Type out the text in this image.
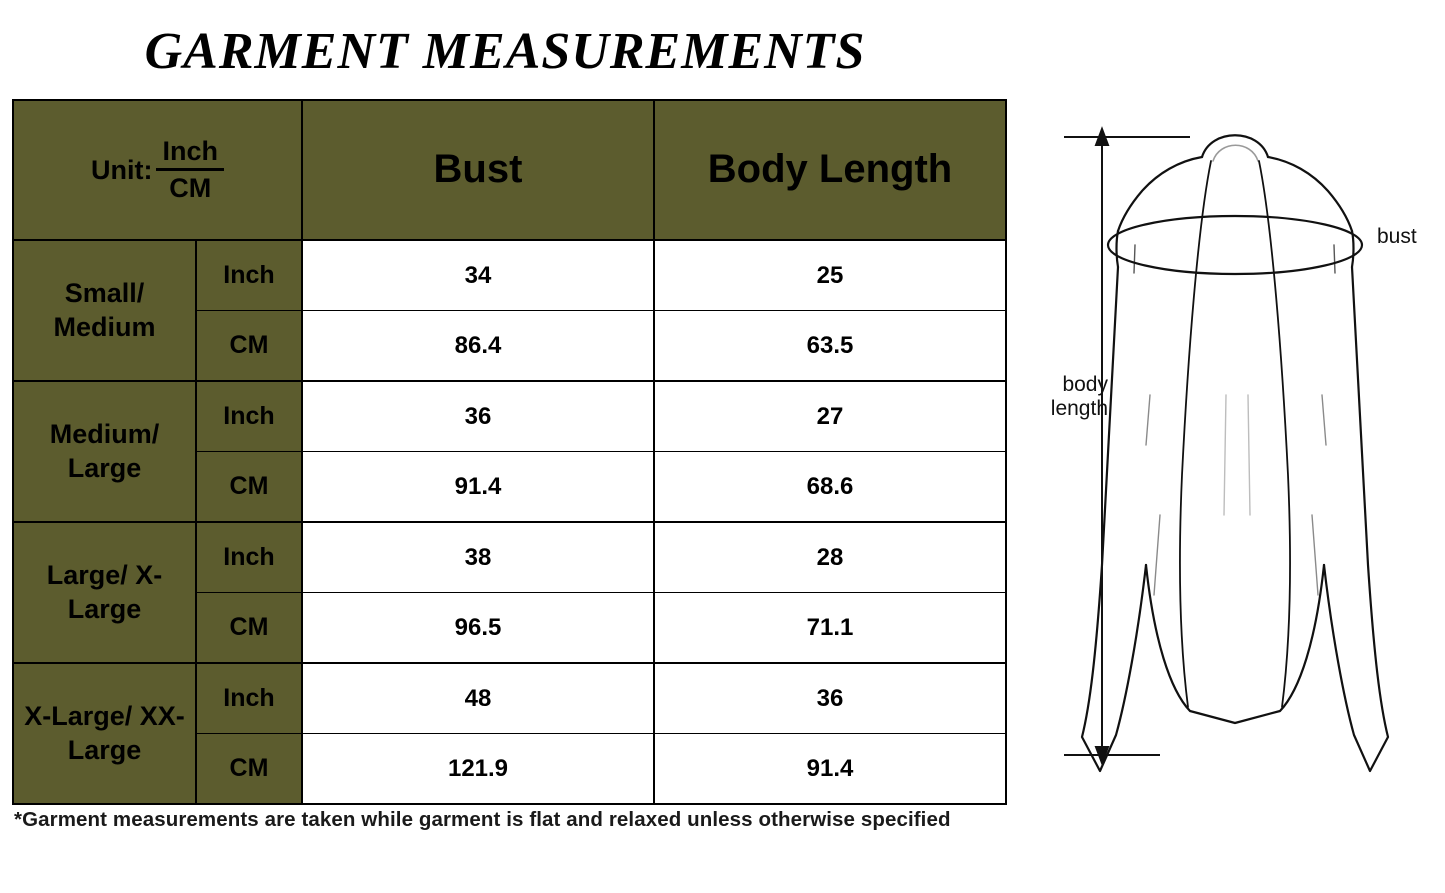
GARMENT MEASUREMENTS
Unit: $\frac{\text{Inch}}{CM}$		Bust	Body Length
Small/ Medium	Inch	34	25
	CM	86.4	63.5
Medium/ Large	Inch	36	27
	CM	91.4	68.6
Large/ X-Large	Inch	38	28
	CM	96.5	71.1
X-Large/ XX-Large	Inch	48	36
	CM	121.9	91.4
*Garment measurements are taken while garment is flat and relaxed unless otherwise specified
bust
body length
